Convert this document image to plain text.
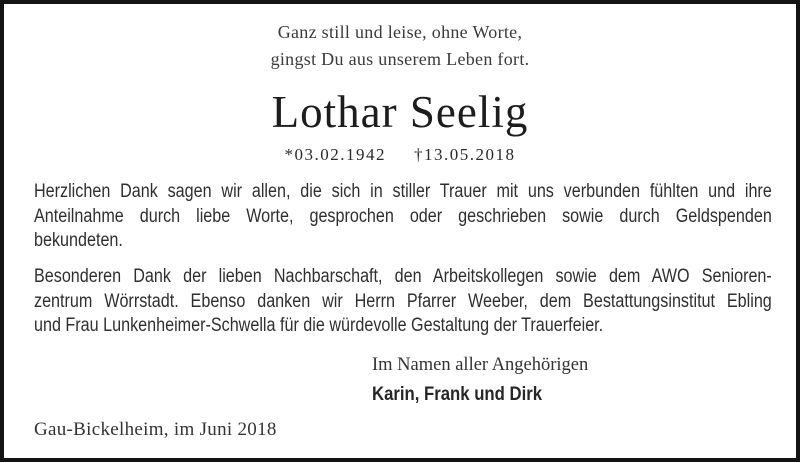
Ganz still und leise, ohne Worte,
gingst Du aus unserem Leben fort.
Lothar Seelig
*03.02.1942 †13.05.2018
Herzlichen Dank sagen wir allen, die sich in stiller Trauer mit uns verbunden fühlten und ihre
Anteilnahme durch liebe Worte, gesprochen oder geschrieben sowie durch Geldspenden
bekundeten.
Besonderen Dank der lieben Nachbarschaft, den Arbeitskollegen sowie dem AWO Senioren-
zentrum Wörrstadt. Ebenso danken wir Herrn Pfarrer Weeber, dem Bestattungsinstitut Ebling
und Frau Lunkenheimer-Schwella für die würdevolle Gestaltung der Trauerfeier.
Im Namen aller Angehörigen
Karin, Frank und Dirk
Gau-Bickelheim, im Juni 2018
